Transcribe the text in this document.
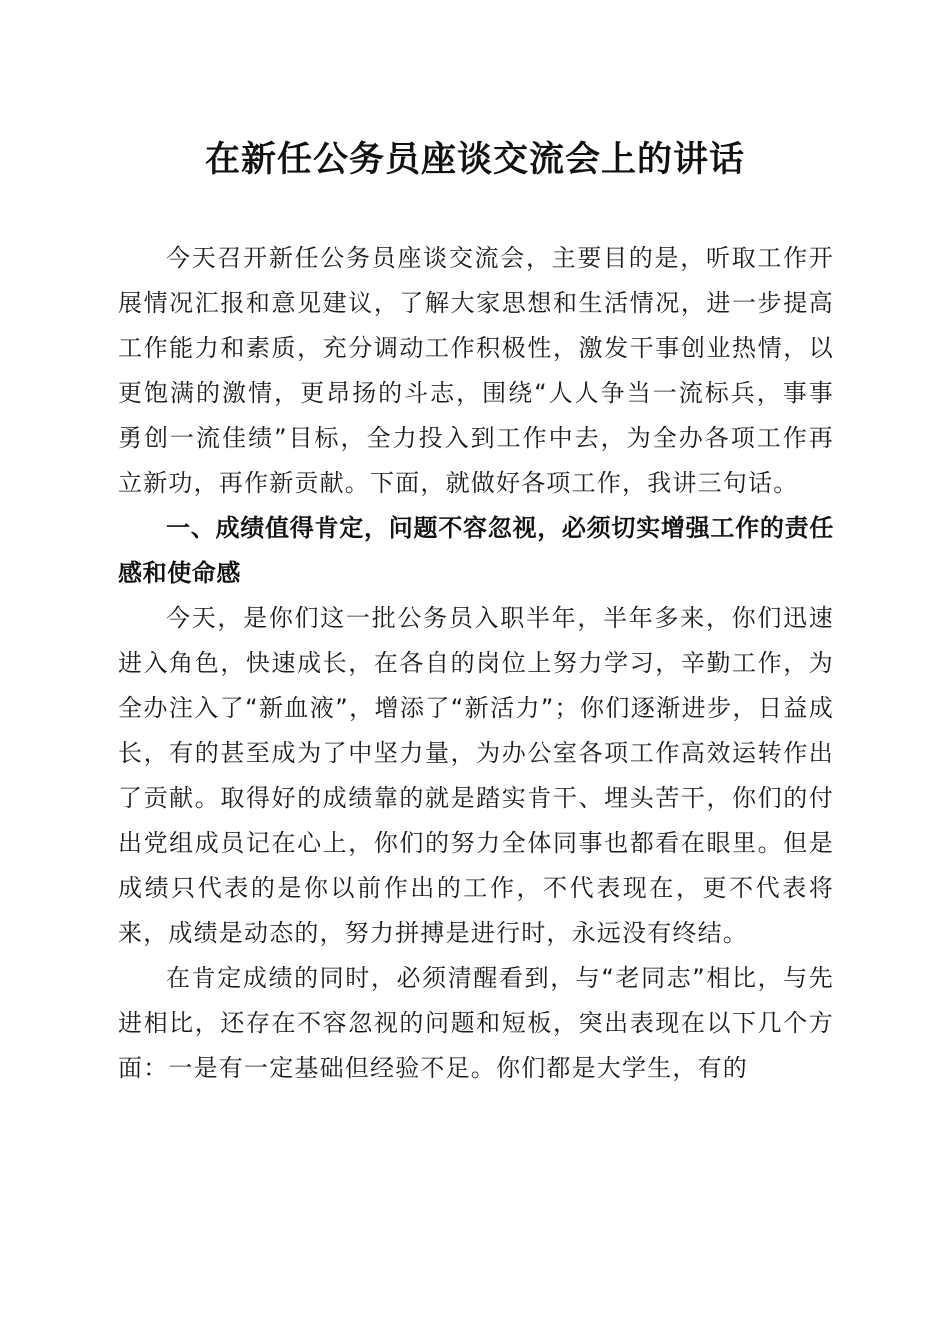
在新任公务员座谈交流会上的讲话

今天召开新任公务员座谈交流会，主要目的是，听取工作开展情况汇报和意见建议，了解大家思想和生活情况，进一步提高工作能力和素质，充分调动工作积极性，激发干事创业热情，以更饱满的激情，更昂扬的斗志，围绕“人人争当一流标兵，事事勇创一流佳绩”目标，全力投入到工作中去，为全办各项工作再立新功，再作新贡献。下面，就做好各项工作，我讲三句话。

一、成绩值得肯定，问题不容忽视，必须切实增强工作的责任感和使命感

今天，是你们这一批公务员入职半年，半年多来，你们迅速进入角色，快速成长，在各自的岗位上努力学习，辛勤工作，为全办注入了“新血液”，增添了“新活力”；你们逐渐进步，日益成长，有的甚至成为了中坚力量，为办公室各项工作高效运转作出了贡献。取得好的成绩靠的就是踏实肯干、埋头苦干，你们的付出党组成员记在心上，你们的努力全体同事也都看在眼里。但是成绩只代表的是你以前作出的工作，不代表现在，更不代表将来，成绩是动态的，努力拼搏是进行时，永远没有终结。

在肯定成绩的同时，必须清醒看到，与“老同志”相比，与先进相比，还存在不容忽视的问题和短板，突出表现在以下几个方面：一是有一定基础但经验不足。你们都是大学生，有的
